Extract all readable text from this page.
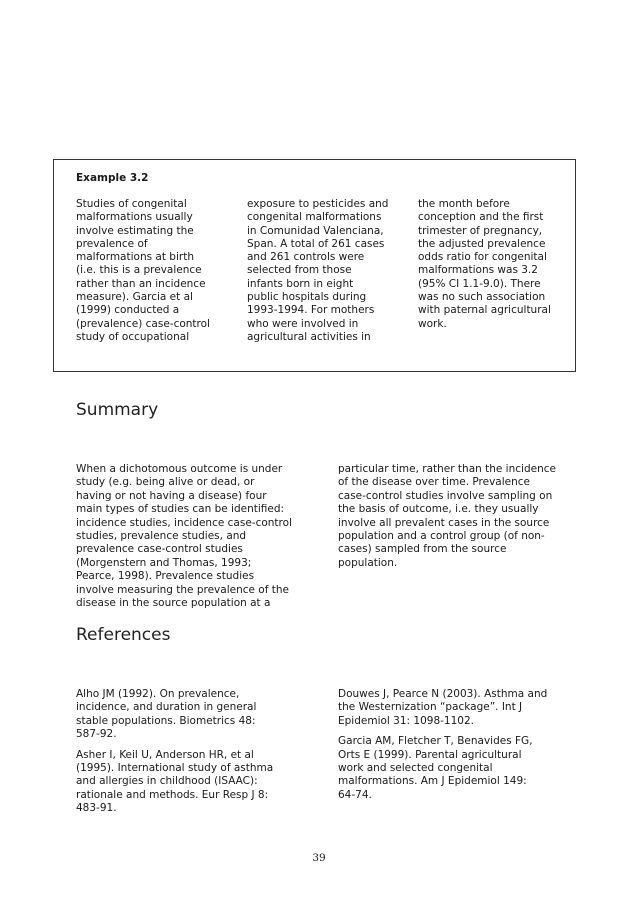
Example 3.2
Studies of congenital
malformations usually
involve estimating the
prevalence of
malformations at birth
(i.e. this is a prevalence
rather than an incidence
measure). Garcia et al
(1999) conducted a
(prevalence) case-control
study of occupational
exposure to pesticides and
congenital malformations
in Comunidad Valenciana,
Span. A total of 261 cases
and 261 controls were
selected from those
infants born in eight
public hospitals during
1993-1994. For mothers
who were involved in
agricultural activities in
the month before
conception and the first
trimester of pregnancy,
the adjusted prevalence
odds ratio for congenital
malformations was 3.2
(95% CI 1.1-9.0). There
was no such association
with paternal agricultural
work.
Summary
When a dichotomous outcome is under
study (e.g. being alive or dead, or
having or not having a disease) four
main types of studies can be identified:
incidence studies, incidence case-control
studies, prevalence studies, and
prevalence case-control studies
(Morgenstern and Thomas, 1993;
Pearce, 1998). Prevalence studies
involve measuring the prevalence of the
disease in the source population at a
particular time, rather than the incidence
of the disease over time. Prevalence
case-control studies involve sampling on
the basis of outcome, i.e. they usually
involve all prevalent cases in the source
population and a control group (of non-
cases) sampled from the source
population.
References
Alho JM (1992). On prevalence,
incidence, and duration in general
stable populations. Biometrics 48:
587-92.
Asher I, Keil U, Anderson HR, et al
(1995). International study of asthma
and allergies in childhood (ISAAC):
rationale and methods. Eur Resp J 8:
483-91.
Douwes J, Pearce N (2003). Asthma and
the Westernization “package”. Int J
Epidemiol 31: 1098-1102.
Garcia AM, Fletcher T, Benavides FG,
Orts E (1999). Parental agricultural
work and selected congenital
malformations. Am J Epidemiol 149:
64-74.
39
